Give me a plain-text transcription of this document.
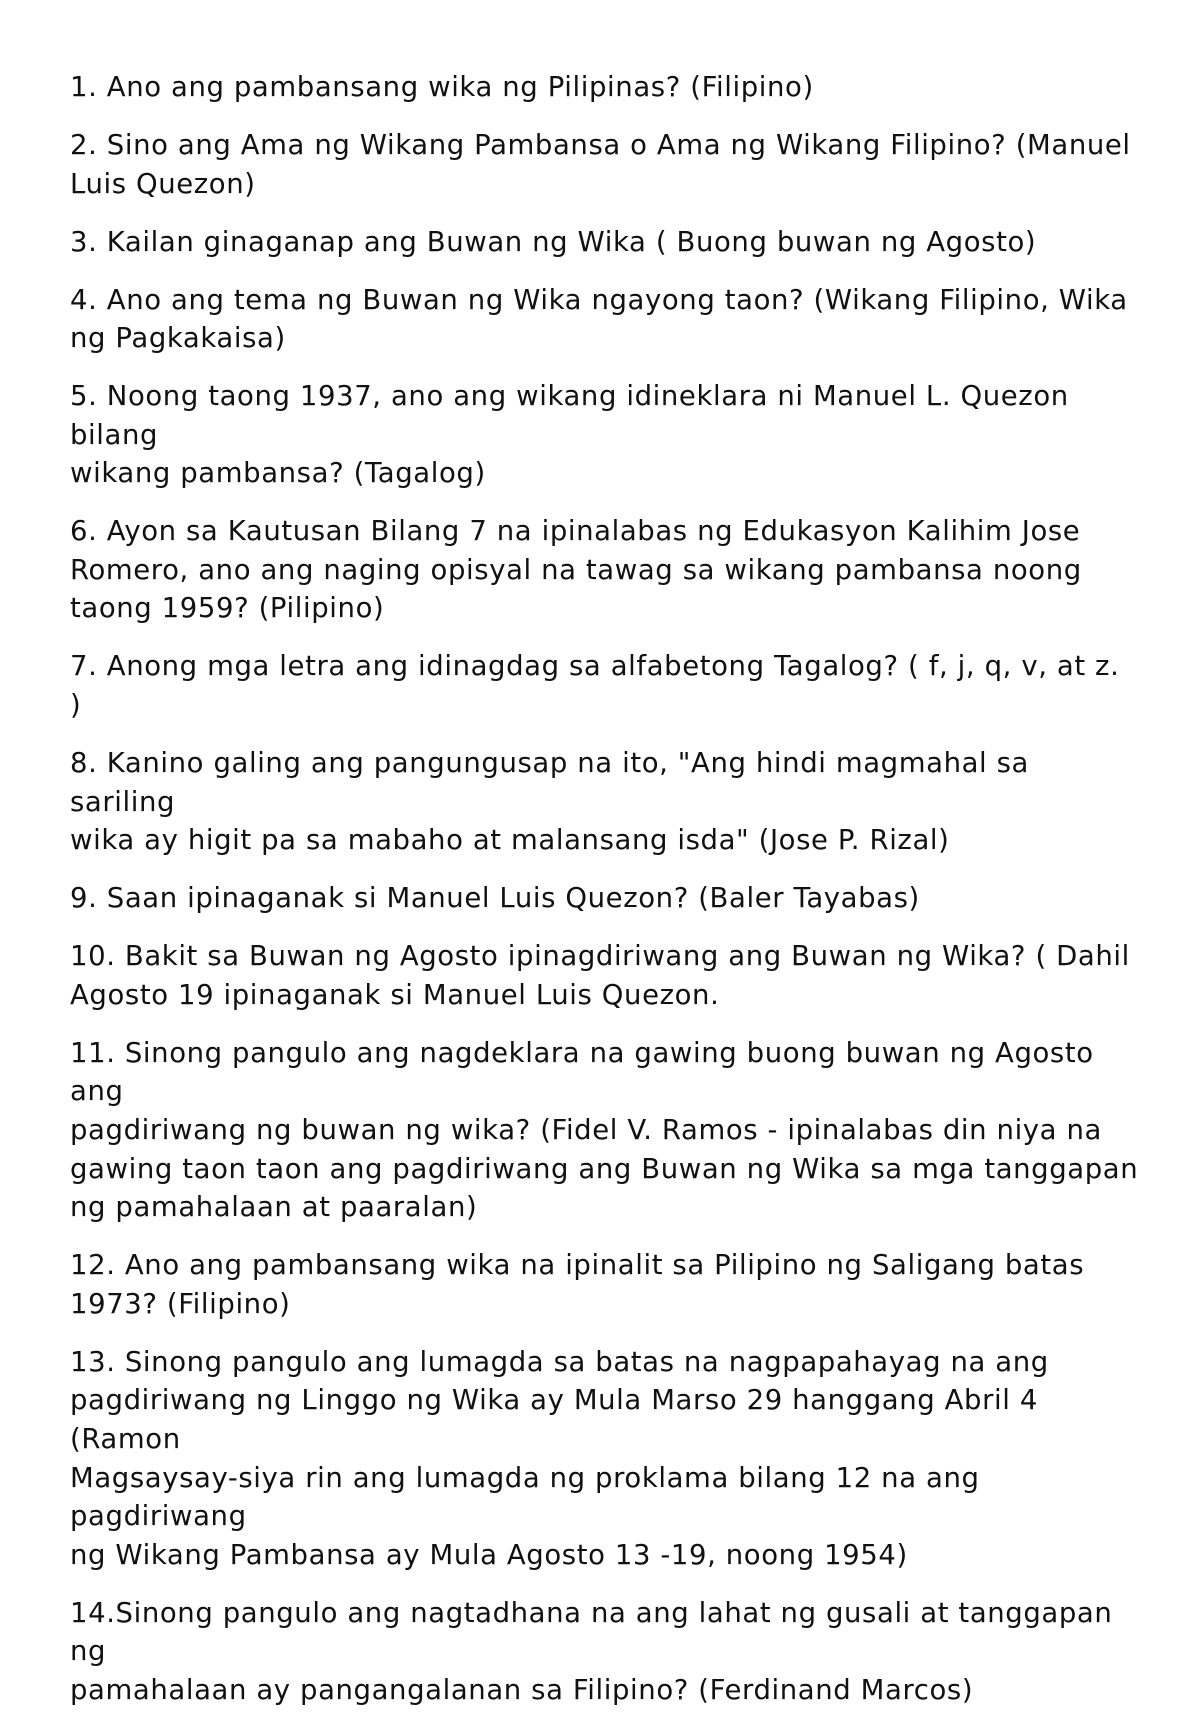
1. Ano ang pambansang wika ng Pilipinas? (Filipino)

2. Sino ang Ama ng Wikang Pambansa o Ama ng Wikang Filipino? (Manuel
Luis Quezon)

3. Kailan ginaganap ang Buwan ng Wika ( Buong buwan ng Agosto)

4. Ano ang tema ng Buwan ng Wika ngayong taon? (Wikang Filipino, Wika
ng Pagkakaisa)

5. Noong taong 1937, ano ang wikang idineklara ni Manuel L. Quezon bilang
wikang pambansa? (Tagalog)

6. Ayon sa Kautusan Bilang 7 na ipinalabas ng Edukasyon Kalihim Jose
Romero, ano ang naging opisyal na tawag sa wikang pambansa noong
taong 1959? (Pilipino)

7. Anong mga letra ang idinagdag sa alfabetong Tagalog? ( f, j, q, v, at z. )

8. Kanino galing ang pangungusap na ito, "Ang hindi magmahal sa sariling
wika ay higit pa sa mabaho at malansang isda" (Jose P. Rizal)

9. Saan ipinaganak si Manuel Luis Quezon? (Baler Tayabas)

10. Bakit sa Buwan ng Agosto ipinagdiriwang ang Buwan ng Wika? ( Dahil
Agosto 19 ipinaganak si Manuel Luis Quezon.

11. Sinong pangulo ang nagdeklara na gawing buong buwan ng Agosto ang
pagdiriwang ng buwan ng wika? (Fidel V. Ramos - ipinalabas din niya na
gawing taon taon ang pagdiriwang ang Buwan ng Wika sa mga tanggapan
ng pamahalaan at paaralan)

12. Ano ang pambansang wika na ipinalit sa Pilipino ng Saligang batas
1973? (Filipino)

13. Sinong pangulo ang lumagda sa batas na nagpapahayag na ang
pagdiriwang ng Linggo ng Wika ay Mula Marso 29 hanggang Abril 4 (Ramon
Magsaysay-siya rin ang lumagda ng proklama bilang 12 na ang pagdiriwang
ng Wikang Pambansa ay Mula Agosto 13 -19, noong 1954)

14.Sinong pangulo ang nagtadhana na ang lahat ng gusali at tanggapan ng
pamahalaan ay pangangalanan sa Filipino? (Ferdinand Marcos)
